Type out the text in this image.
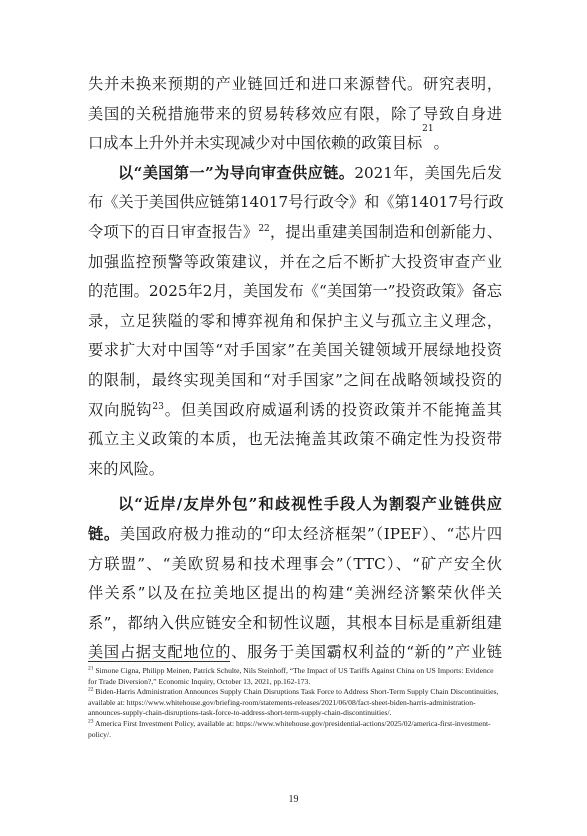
失并未换来预期的产业链回迁和进口来源替代。研究表明，
美国的关税措施带来的贸易转移效应有限，除了导致自身进
口成本上升外并未实现减少对中国依赖的政策目标
21
。
以“美国第一”为导向审查供应链。2021年，美国先后发
布《关于美国供应链第14017号行政令》和《第14017号行政
令项下的百日审查报告》$^{22}$，提出重建美国制造和创新能力、
加强监控预警等政策建议，并在之后不断扩大投资审查产业
的范围。2025年2月，美国发布《“美国第一”投资政策》备忘
录，立足狭隘的零和博弈视角和保护主义与孤立主义理念，
要求扩大对中国等“对手国家”在美国关键领域开展绿地投资
的限制，最终实现美国和“对手国家”之间在战略领域投资的
双向脱钩$^{23}$。但美国政府威逼利诱的投资政策并不能掩盖其
孤立主义政策的本质，也无法掩盖其政策不确定性为投资带
来的风险。
以“近岸/友岸外包”和歧视性手段人为割裂产业链供应
链。美国政府极力推动的“印太经济框架”（IPEF）、“芯片四
方联盟”、“美欧贸易和技术理事会”（TTC）、“矿产安全伙
伴关系”以及在拉美地区提出的构建“美洲经济繁荣伙伴关
系”，都纳入供应链安全和韧性议题，其根本目标是重新组建
美国占据支配地位的、服务于美国霸权利益的“新的”产业链

$^{21}$ Simone Cigna, Philipp Meinen, Patrick Schulte, Nils Steinhoff, “The Impact of US Tariffs Against China on US Imports: Evidence for Trade Diversion?,” Economic Inquiry, October 13, 2021, pp.162-173.

$^{22}$ Biden-Harris Administration Announces Supply Chain Disruptions Task Force to Address Short-Term Supply Chain Discontinuities, available at: https://www.whitehouse.gov/briefing-room/statements-releases/2021/06/08/fact-sheet-biden-harris-administration-announces-supply-chain-disruptions-task-force-to-address-short-term-supply-chain-discontinuities/.

$^{23}$ America First Investment Policy, available at: https://www.whitehouse.gov/presidential-actions/2025/02/america-first-investment-policy/.

19
